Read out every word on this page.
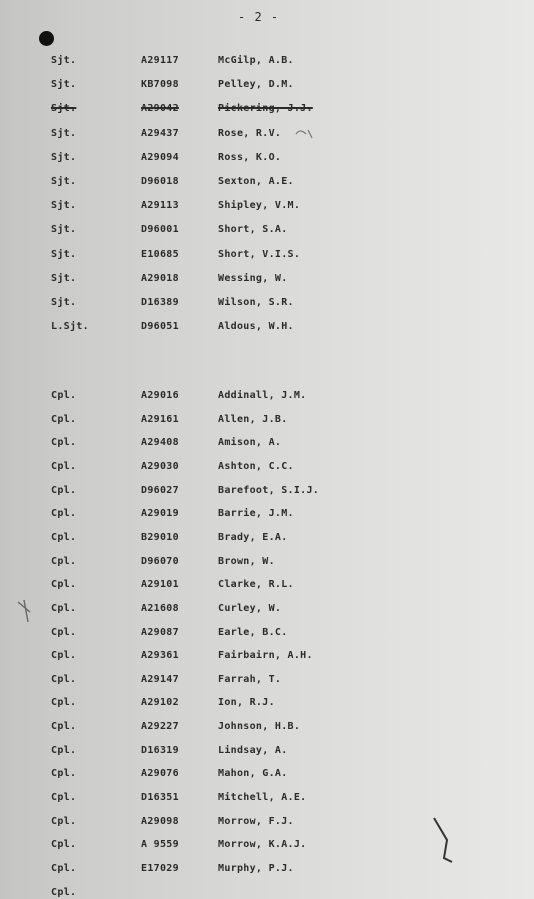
- 2 -
Sjt.	A29117	McGilp, A.B.
Sjt.	KB7098	Pelley, D.M.
Sjt.	A29042	Pickering, J.J.
Sjt.	A29437	Rose, R.V.
Sjt.	A29094	Ross, K.O.
Sjt.	D96018	Sexton, A.E.
Sjt.	A29113	Shipley, V.M.
Sjt.	D96001	Short, S.A.
Sjt.	E10685	Short, V.I.S.
Sjt.	A29018	Wessing, W.
Sjt.	D16389	Wilson, S.R.
L.Sjt.	D96051	Aldous, W.H.
Cpl.	A29016	Addinall, J.M.
Cpl.	A29161	Allen, J.B.
Cpl.	A29408	Amison, A.
Cpl.	A29030	Ashton, C.C.
Cpl.	D96027	Barefoot, S.I.J.
Cpl.	A29019	Barrie, J.M.
Cpl.	B29010	Brady, E.A.
Cpl.	D96070	Brown, W.
Cpl.	A29101	Clarke, R.L.
Cpl.	A21608	Curley, W.
Cpl.	A29087	Earle, B.C.
Cpl.	A29361	Fairbairn, A.H.
Cpl.	A29147	Farrah, T.
Cpl.	A29102	Ion, R.J.
Cpl.	A29227	Johnson, H.B.
Cpl.	D16319	Lindsay, A.
Cpl.	A29076	Mahon, G.A.
Cpl.	D16351	Mitchell, A.E.
Cpl.	A29098	Morrow, F.J.
Cpl.	A 9559	Morrow, K.A.J.
Cpl.	E17029	Murphy, P.J.
Cpl.
